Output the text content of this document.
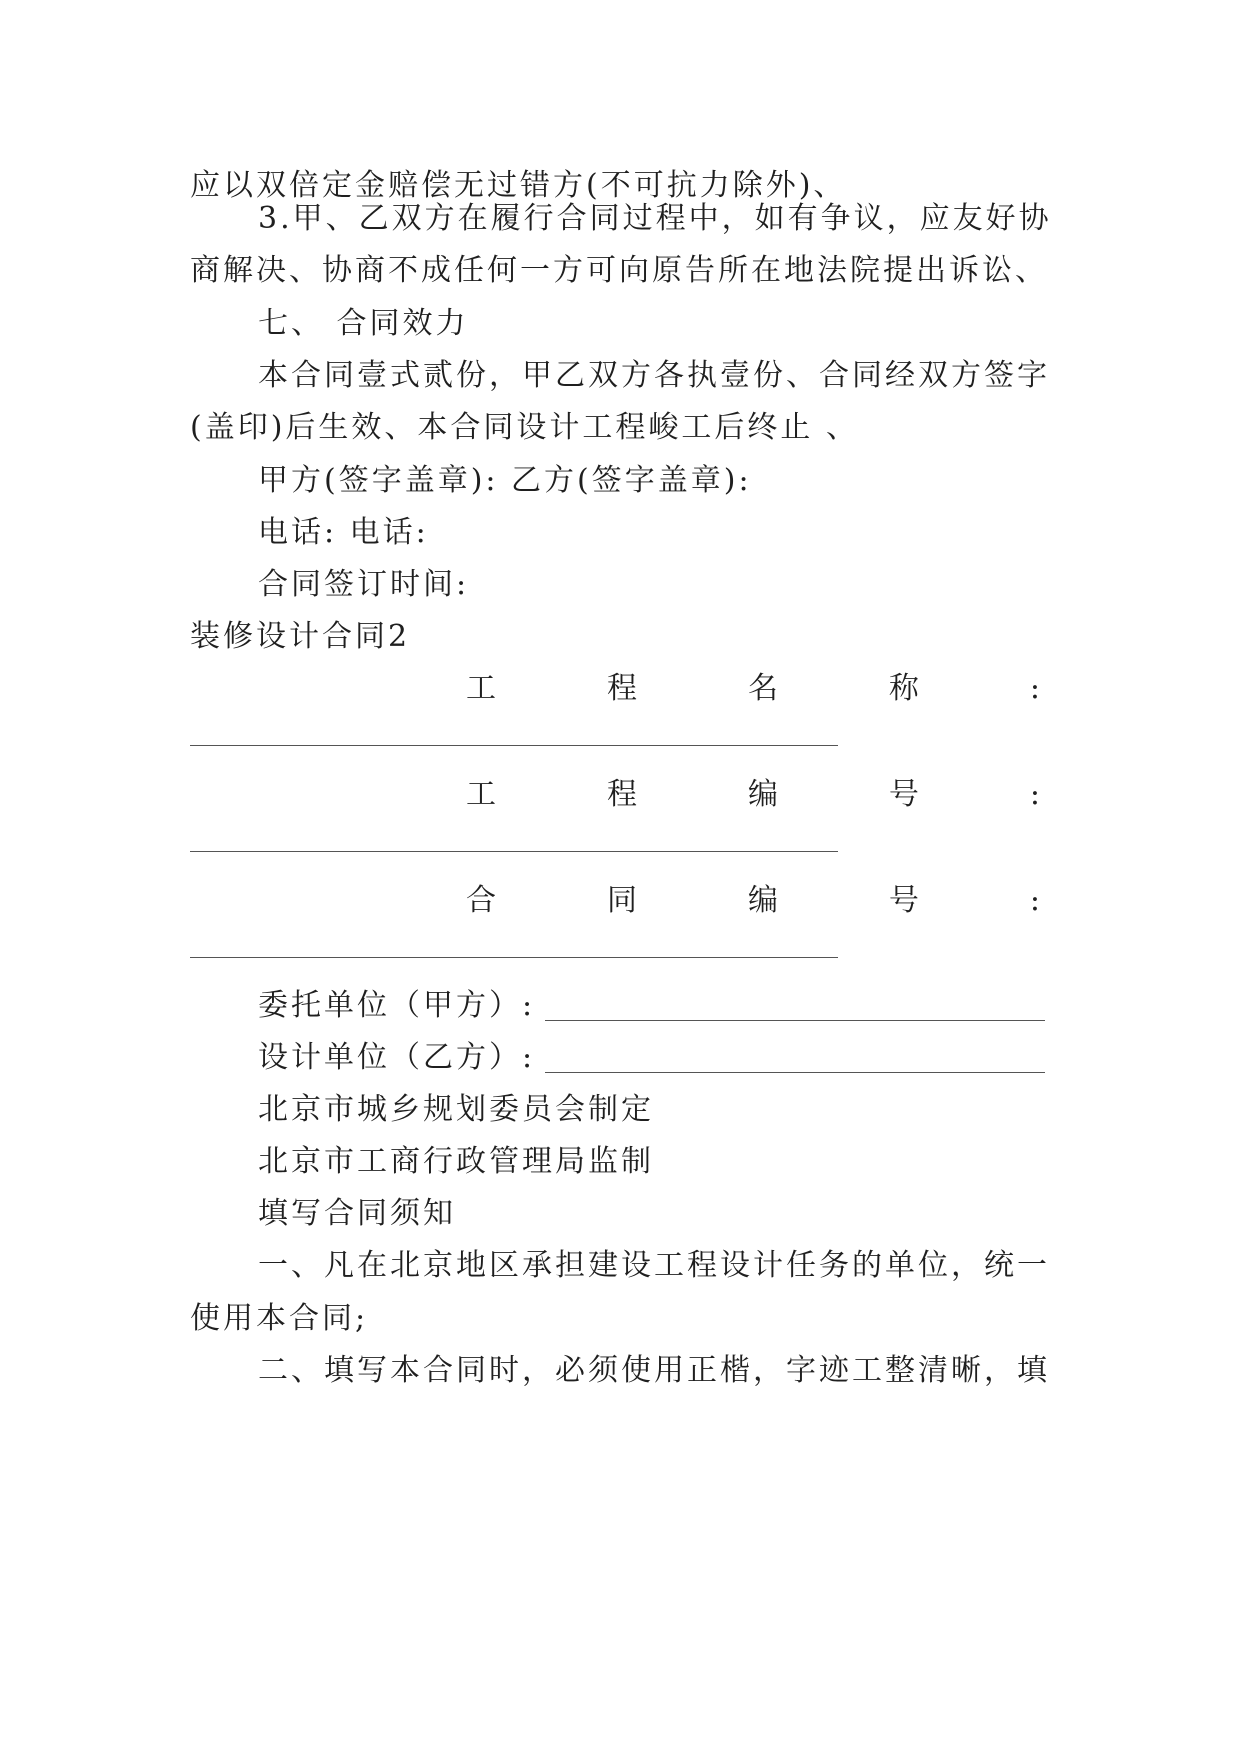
应以双倍定金赔偿无过错方(不可抗力除外)、
3.甲、乙双方在履行合同过程中，如有争议，应友好协
商解决、协商不成任何一方可向原告所在地法院提出诉讼、
七、 合同效力
本合同壹式贰份，甲乙双方各执壹份、合同经双方签字
(盖印)后生效、本合同设计工程峻工后终止 、
甲方(签字盖章): 乙方(签字盖章):
电话: 电话:
合同签订时间:
装修设计合同2
工	程	名	称	:
工	程	编	号	:
合	同	编	号	:
委托单位（甲方）:
设计单位（乙方）:
北京市城乡规划委员会制定
北京市工商行政管理局监制
填写合同须知
一、凡在北京地区承担建设工程设计任务的单位，统一
使用本合同;
二、填写本合同时，必须使用正楷，字迹工整清晰，填
